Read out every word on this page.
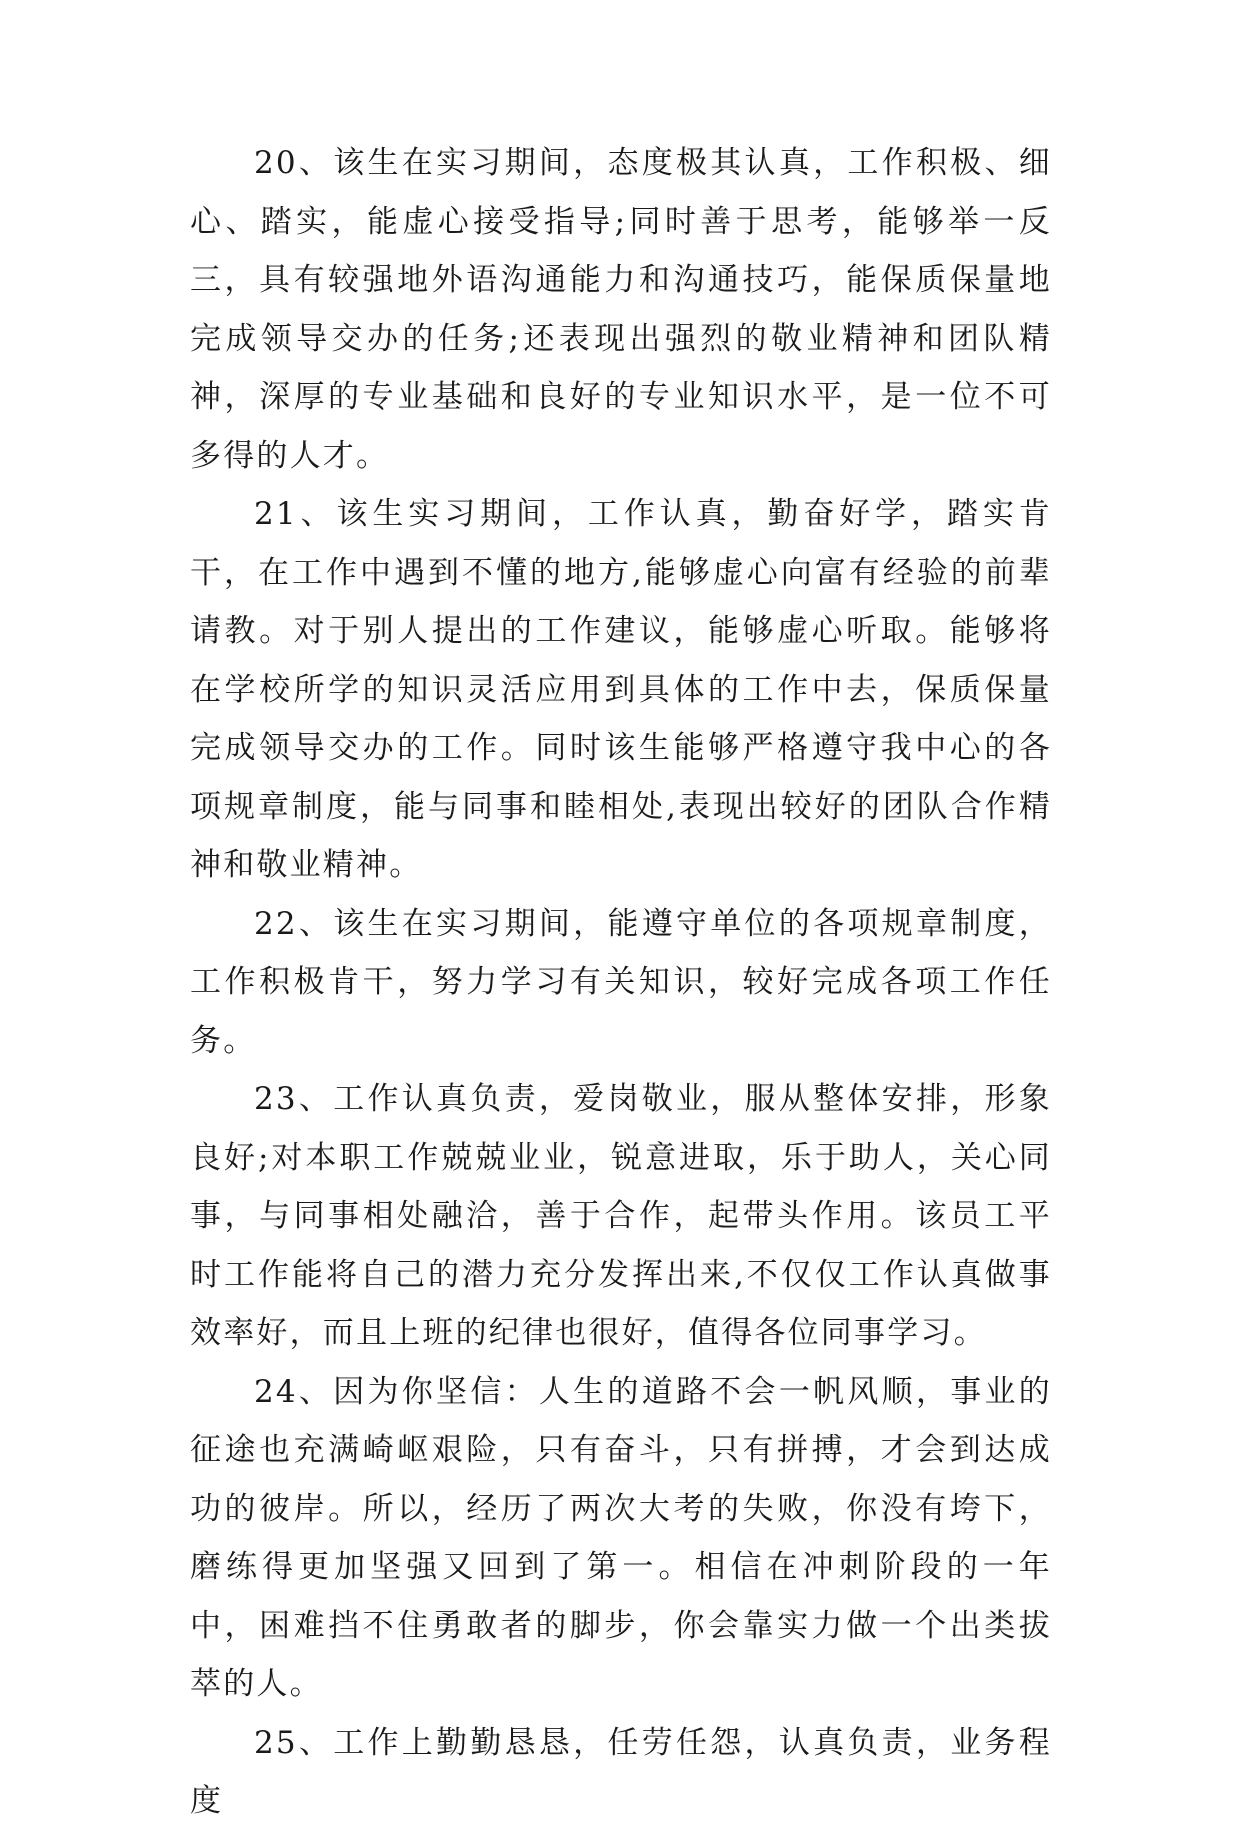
20、该生在实习期间，态度极其认真，工作积极、细心、踏实，能虚心接受指导;同时善于思考，能够举一反三，具有较强地外语沟通能力和沟通技巧，能保质保量地完成领导交办的任务;还表现出强烈的敬业精神和团队精神，深厚的专业基础和良好的专业知识水平，是一位不可多得的人才。

21、该生实习期间，工作认真，勤奋好学，踏实肯干，在工作中遇到不懂的地方,能够虚心向富有经验的前辈请教。对于别人提出的工作建议，能够虚心听取。能够将在学校所学的知识灵活应用到具体的工作中去，保质保量完成领导交办的工作。同时该生能够严格遵守我中心的各项规章制度，能与同事和睦相处,表现出较好的团队合作精神和敬业精神。

22、该生在实习期间，能遵守单位的各项规章制度，工作积极肯干，努力学习有关知识，较好完成各项工作任务。

23、工作认真负责，爱岗敬业，服从整体安排，形象良好;对本职工作兢兢业业，锐意进取，乐于助人，关心同事，与同事相处融洽，善于合作，起带头作用。该员工平时工作能将自己的潜力充分发挥出来,不仅仅工作认真做事效率好，而且上班的纪律也很好，值得各位同事学习。

24、因为你坚信：人生的道路不会一帆风顺，事业的征途也充满崎岖艰险，只有奋斗，只有拼搏，才会到达成功的彼岸。所以，经历了两次大考的失败，你没有垮下，磨练得更加坚强又回到了第一。相信在冲刺阶段的一年中，困难挡不住勇敢者的脚步，你会靠实力做一个出类拔萃的人。

25、工作上勤勤恳恳，任劳任怨，认真负责，业务程度
